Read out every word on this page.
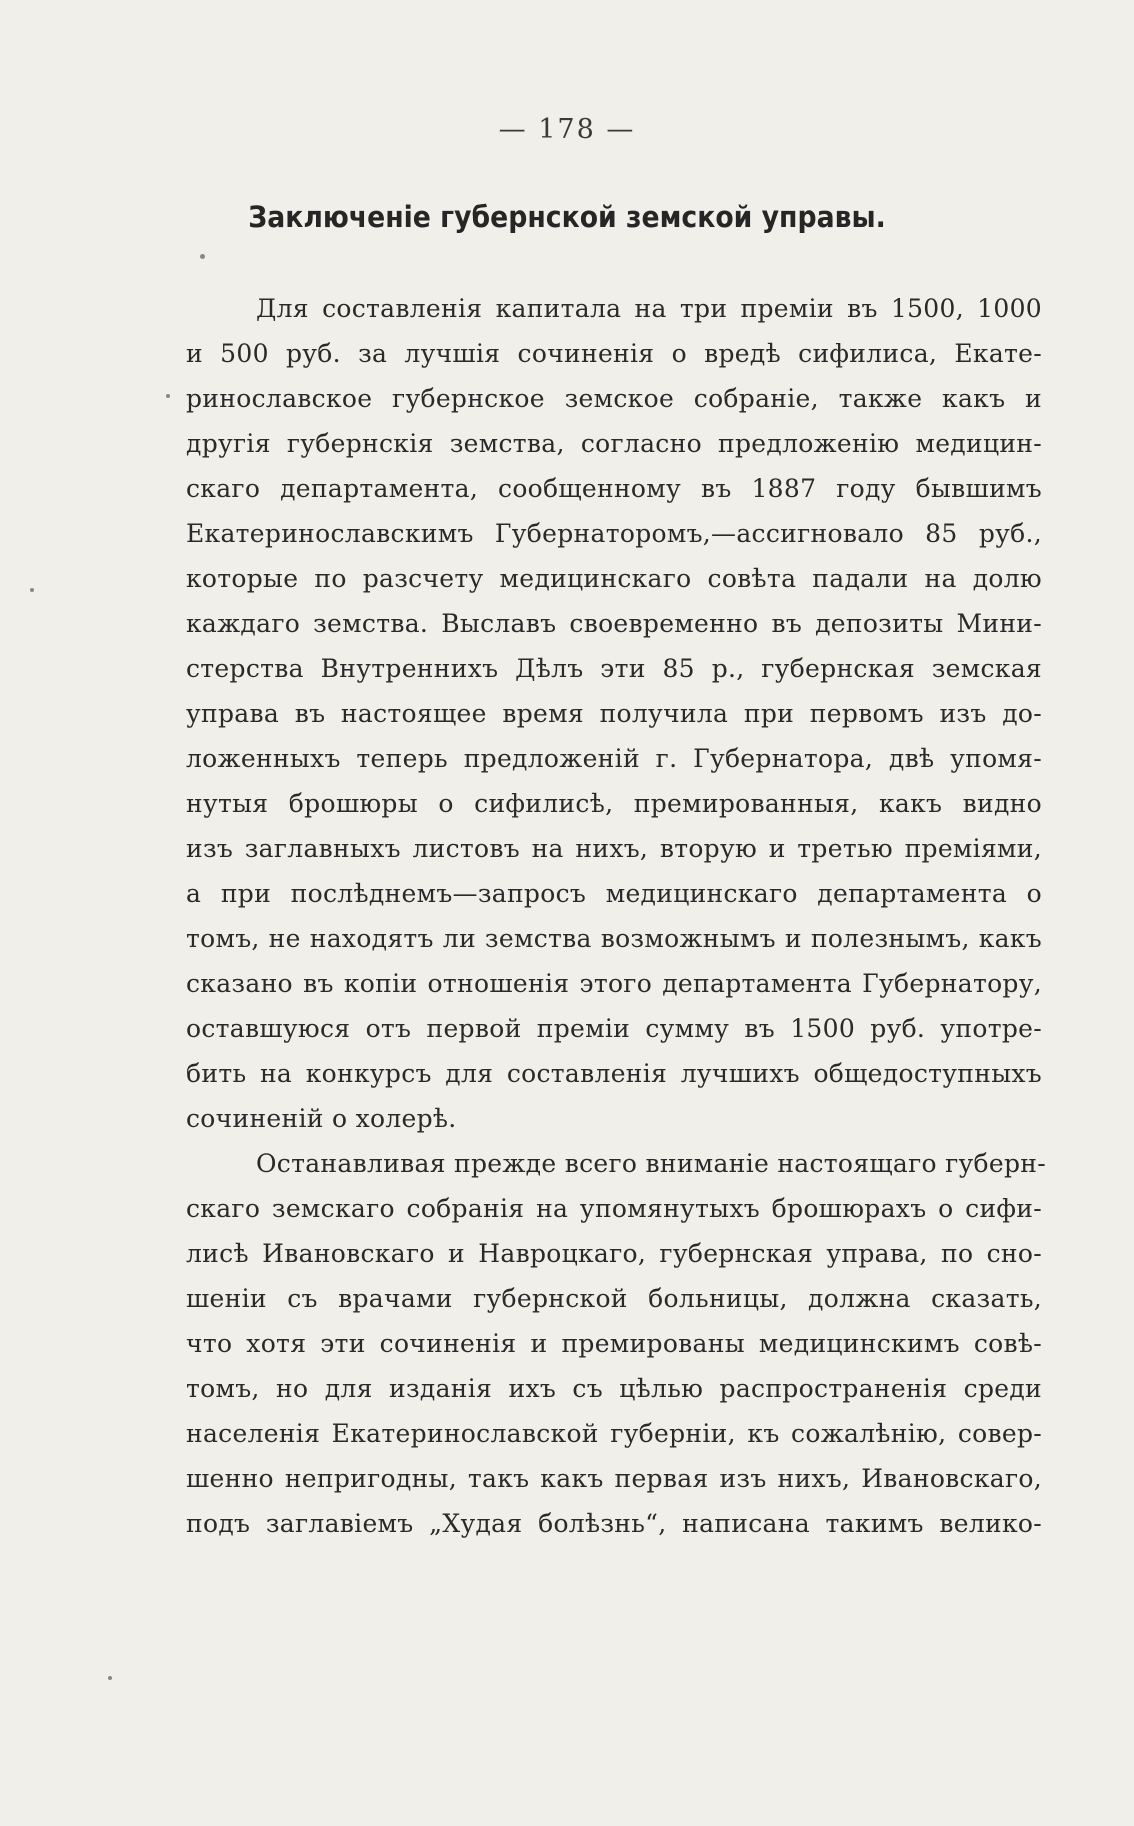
— 178 —
Заключенie губернской земской управы.
Для составленія капитала на три преміи въ 1500, 1000
и 500 руб. за лучшія сочиненія о вредѣ сифилиса, Екате-
ринославское губернское земское собраніе, также какъ и
другія губернскія земства, согласно предложенію медицин-
скаго департамента, сообщенному въ 1887 году бывшимъ
Екатеринославскимъ Губернаторомъ,—ассигновало 85 руб.,
которые по разсчету медицинскаго совѣта падали на долю
каждаго земства. Выславъ своевременно въ депозиты Мини-
стерства Внутреннихъ Дѣлъ эти 85 р., губернская земская
управа въ настоящее время получила при первомъ изъ до-
ложенныхъ теперь предложеній г. Губернатора, двѣ упомя-
нутыя брошюры о сифилисѣ, премированныя, какъ видно
изъ заглавныхъ листовъ на нихъ, вторую и третью преміями,
а при послѣднемъ—запросъ медицинскаго департамента о
томъ, не находятъ ли земства возможнымъ и полезнымъ, какъ
сказано въ копіи отношенія этого департамента Губернатору,
оставшуюся отъ первой преміи сумму въ 1500 руб. употре-
бить на конкурсъ для составленія лучшихъ общедоступныхъ
сочиненій о холерѣ.
Останавливая прежде всего вниманіе настоящаго губерн-
скаго земскаго собранія на упомянутыхъ брошюрахъ о сифи-
лисѣ Ивановскаго и Навроцкаго, губернская управа, по сно-
шеніи съ врачами губернской больницы, должна сказать,
что хотя эти сочиненія и премированы медицинскимъ совѣ-
томъ, но для изданія ихъ съ цѣлью распространенія среди
населенія Екатеринославской губерніи, къ сожалѣнію, совер-
шенно непригодны, такъ какъ первая изъ нихъ, Ивановскаго,
подъ заглавіемъ „Худая болѣзнь“, написана такимъ велико-
